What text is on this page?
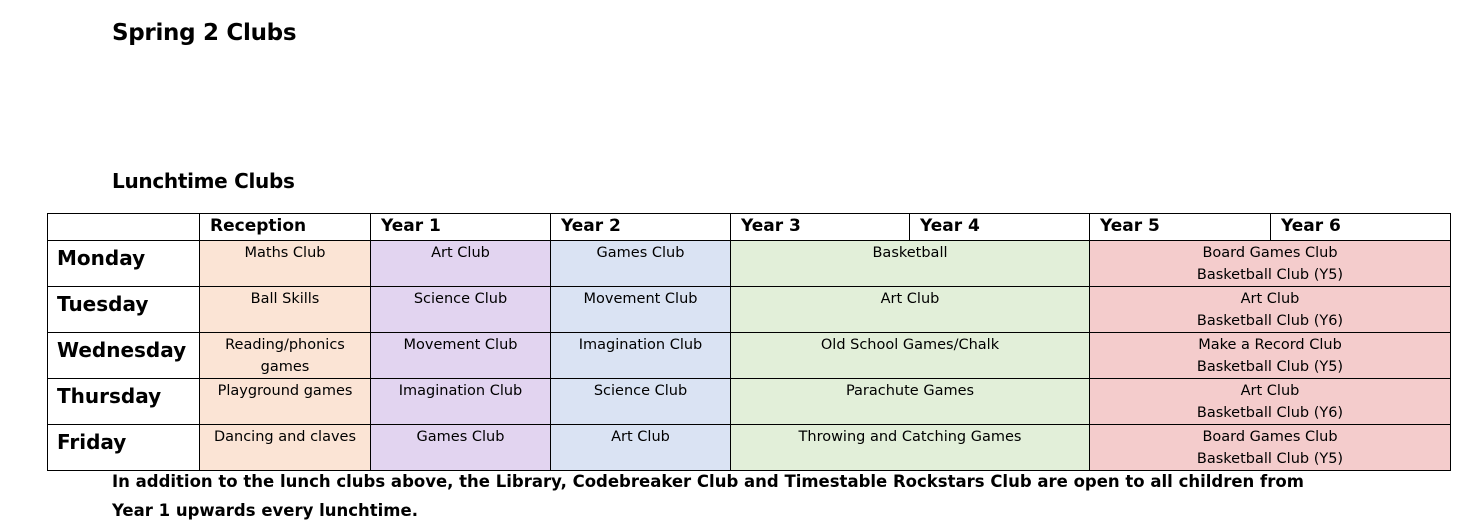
Spring 2 Clubs
Lunchtime Clubs
	Reception	Year 1	Year 2	Year 3	Year 4	Year 5	Year 6
Monday	Maths Club	Art Club	Games Club	Basketball		Board Games Club
Basketball Club (Y5)	

Tuesday	Ball Skills	Science Club	Movement Club	Art Club		Art Club
Basketball Club (Y6)	

Wednesday	Reading/phonics games	Movement Club	Imagination Club	Old School Games/Chalk		Make a Record Club
Basketball Club (Y5)	

Thursday	Playground games	Imagination Club	Science Club	Parachute Games		Art Club
Basketball Club (Y6)	

Friday	Dancing and claves	Games Club	Art Club	Throwing and Catching Games		Board Games Club
Basketball Club (Y5)	
In addition to the lunch clubs above, the Library, Codebreaker Club and Timestable Rockstars Club are open to all children from Year 1 upwards every lunchtime.
